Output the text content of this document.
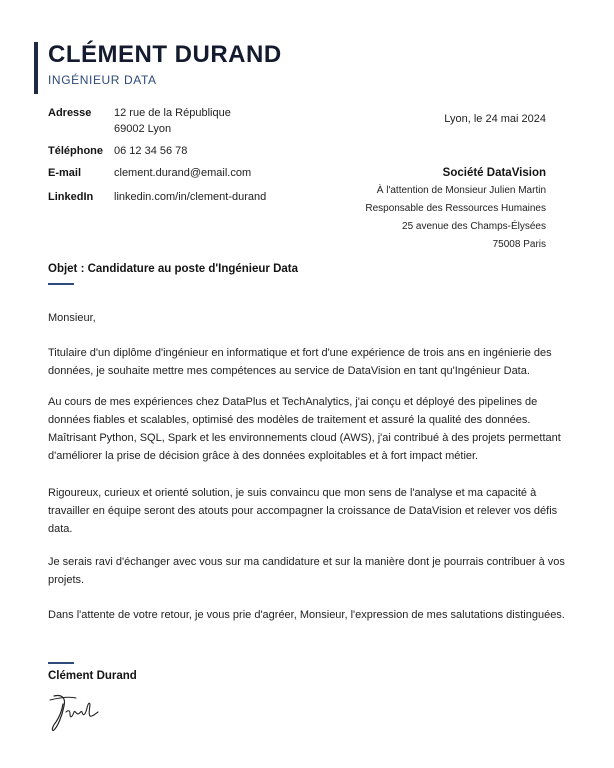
CLÉMENT DURAND
INGÉNIEUR DATA
Adresse	12 rue de la République
69002 Lyon
Téléphone 06 12 34 56 78
E-mail	clement.durand@email.com
LinkedIn	linkedin.com/in/clement-durand
Lyon, le 24 mai 2024
Société DataVision
À l'attention de Monsieur Julien Martin
Responsable des Ressources Humaines
25 avenue des Champs-Élysées
75008 Paris
Objet : Candidature au poste d'Ingénieur Data
Monsieur,

Titulaire d'un diplôme d'ingénieur en informatique et fort d'une expérience de trois ans en ingénierie des données, je souhaite mettre mes compétences au service de DataVision en tant qu'Ingénieur Data.

Au cours de mes expériences chez DataPlus et TechAnalytics, j'ai conçu et déployé des pipelines de données fiables et scalables, optimisé des modèles de traitement et assuré la qualité des données. Maîtrisant Python, SQL, Spark et les environnements cloud (AWS), j'ai contribué à des projets permettant d'améliorer la prise de décision grâce à des données exploitables et à fort impact métier.

Rigoureux, curieux et orienté solution, je suis convaincu que mon sens de l'analyse et ma capacité à travailler en équipe seront des atouts pour accompagner la croissance de DataVision et relever vos défis data.

Je serais ravi d'échanger avec vous sur ma candidature et sur la manière dont je pourrais contribuer à vos projets.

Dans l'attente de votre retour, je vous prie d'agréer, Monsieur, l'expression de mes salutations distinguées.

Clément Durand
